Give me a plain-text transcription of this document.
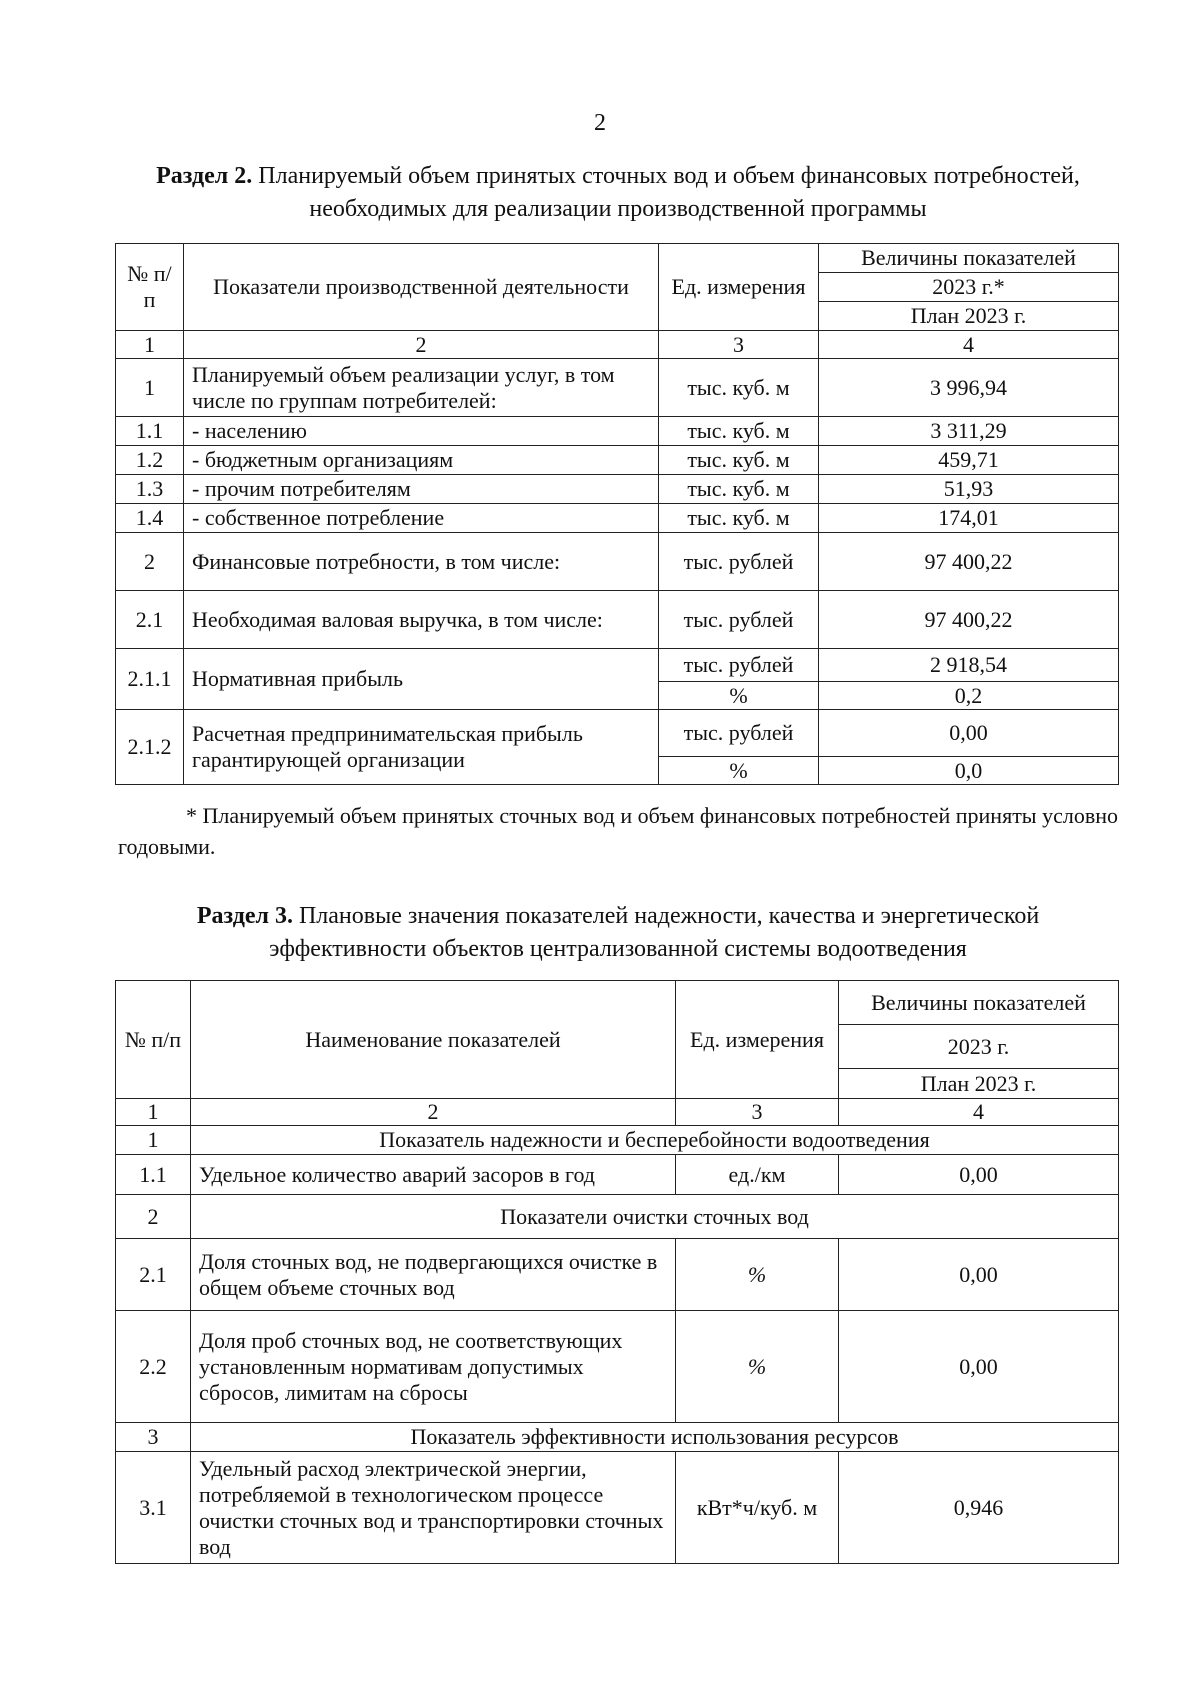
2
Раздел 2. Планируемый объем принятых сточных вод и объем финансовых потребностей, необходимых для реализации производственной программы
№ п/п	Показатели производственной деятельности	Ед. измерения	Величины показателей
			2023 г.*
			План 2023 г.
1	2	3	4
1	Планируемый объем реализации услуг, в том числе по группам потребителей:	тыс. куб. м	3 996,94
1.1	- населению	тыс. куб. м	3 311,29
1.2	- бюджетным организациям	тыс. куб. м	459,71
1.3	- прочим потребителям	тыс. куб. м	51,93
1.4	- собственное потребление	тыс. куб. м	174,01
2	Финансовые потребности, в том числе:	тыс. рублей	97 400,22
2.1	Необходимая валовая выручка, в том числе:	тыс. рублей	97 400,22
2.1.1	Нормативная прибыль	тыс. рублей	2 918,54
		%	0,2
2.1.2	Расчетная предпринимательская прибыль гарантирующей организации	тыс. рублей	0,00
		%	0,0
* Планируемый объем принятых сточных вод и объем финансовых потребностей приняты условно годовыми.
Раздел 3. Плановые значения показателей надежности, качества и энергетической эффективности объектов централизованной системы водоотведения
№ п/п	Наименование показателей	Ед. измерения	Величины показателей
			2023 г.
			План 2023 г.
1	2	3	4
1	Показатель надежности и бесперебойности водоотведения		
1.1	Удельное количество аварий засоров в год	ед./км	0,00
2	Показатели очистки сточных вод		
2.1	Доля сточных вод, не подвергающихся очистке в общем объеме сточных вод	%	0,00
2.2	Доля проб сточных вод, не соответствующих установленным нормативам допустимых сбросов, лимитам на сбросы	%	0,00
3	Показатель эффективности использования ресурсов		
3.1	Удельный расход электрической энергии, потребляемой в технологическом процессе очистки сточных вод и транспортировки сточных вод	кВт*ч/куб. м	0,946
